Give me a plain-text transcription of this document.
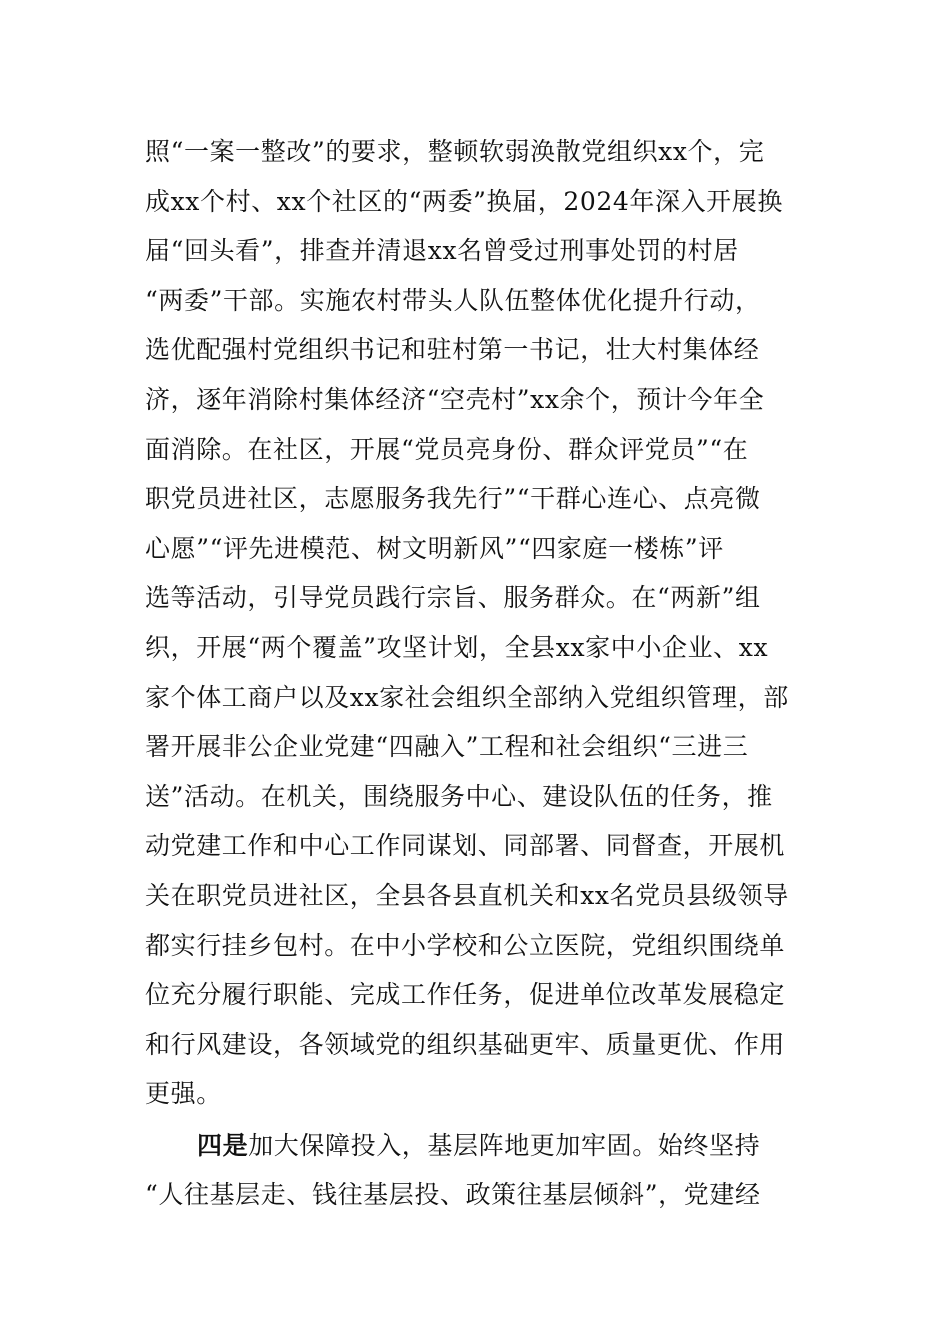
照“一案一整改”的要求，整顿软弱涣散党组织xx个，完
成xx个村、xx个社区的“两委”换届，2024年深入开展换
届“回头看”，排查并清退xx名曾受过刑事处罚的村居
“两委”干部。实施农村带头人队伍整体优化提升行动，
选优配强村党组织书记和驻村第一书记，壮大村集体经
济，逐年消除村集体经济“空壳村”xx余个，预计今年全
面消除。在社区，开展“党员亮身份、群众评党员”“在
职党员进社区，志愿服务我先行”“干群心连心、点亮微
心愿”“评先进模范、树文明新风”“四家庭一楼栋”评
选等活动，引导党员践行宗旨、服务群众。在“两新”组
织，开展“两个覆盖”攻坚计划，全县xx家中小企业、xx
家个体工商户以及xx家社会组织全部纳入党组织管理，部
署开展非公企业党建“四融入”工程和社会组织“三进三
送”活动。在机关，围绕服务中心、建设队伍的任务，推
动党建工作和中心工作同谋划、同部署、同督查，开展机
关在职党员进社区，全县各县直机关和xx名党员县级领导
都实行挂乡包村。在中小学校和公立医院，党组织围绕单
位充分履行职能、完成工作任务，促进单位改革发展稳定
和行风建设，各领域党的组织基础更牢、质量更优、作用
更强。
四是加大保障投入，基层阵地更加牢固。始终坚持
“人往基层走、钱往基层投、政策往基层倾斜”，党建经
